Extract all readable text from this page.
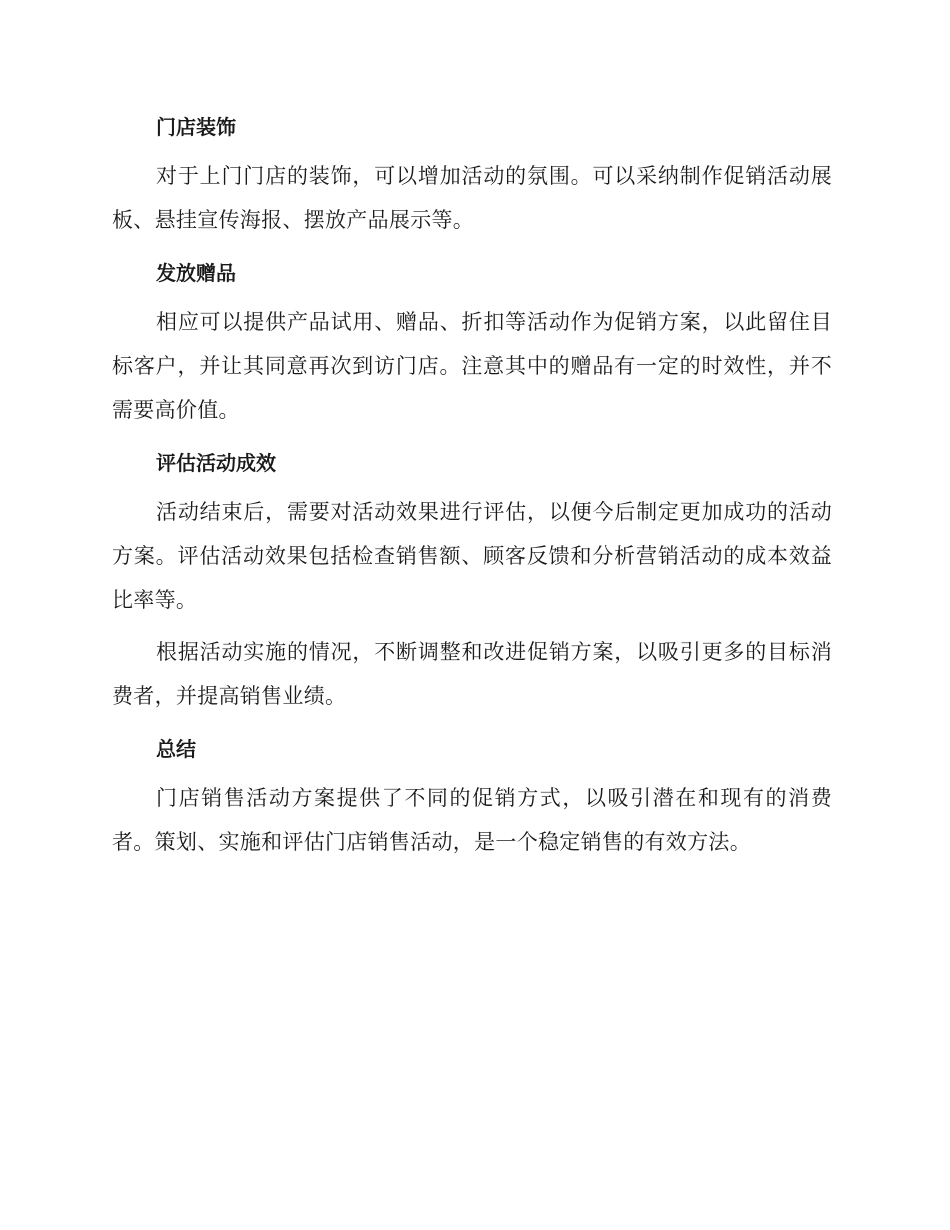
门店装饰

对于上门门店的装饰，可以增加活动的氛围。可以采纳制作促销活动展板、悬挂宣传海报、摆放产品展示等。

发放赠品

相应可以提供产品试用、赠品、折扣等活动作为促销方案，以此留住目标客户，并让其同意再次到访门店。注意其中的赠品有一定的时效性，并不需要高价值。

评估活动成效

活动结束后，需要对活动效果进行评估，以便今后制定更加成功的活动方案。评估活动效果包括检查销售额、顾客反馈和分析营销活动的成本效益比率等。

根据活动实施的情况，不断调整和改进促销方案，以吸引更多的目标消费者，并提高销售业绩。

总结

门店销售活动方案提供了不同的促销方式，以吸引潜在和现有的消费者。策划、实施和评估门店销售活动，是一个稳定销售的有效方法。
